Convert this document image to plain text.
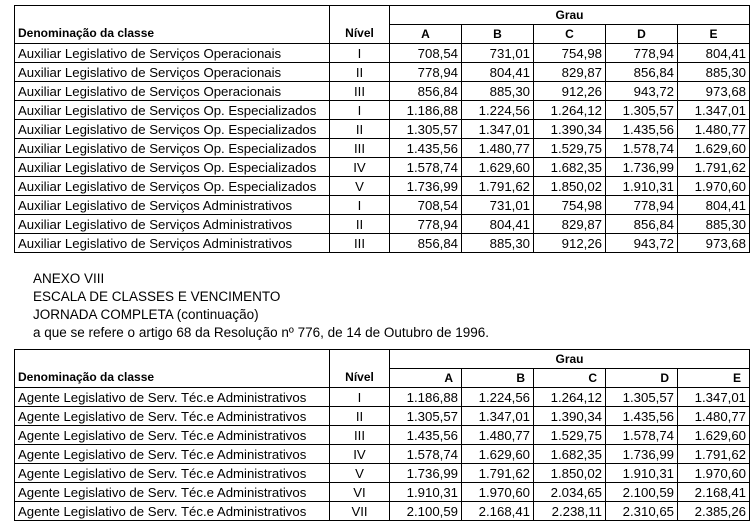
		Grau				
Denominação da classe	Nível	A	B	C	D	E
Auxiliar Legislativo de Serviços Operacionais	I	708,54	731,01	754,98	778,94	804,41
Auxiliar Legislativo de Serviços Operacionais	II	778,94	804,41	829,87	856,84	885,30
Auxiliar Legislativo de Serviços Operacionais	III	856,84	885,30	912,26	943,72	973,68
Auxiliar Legislativo de Serviços Op. Especializados	I	1.186,88	1.224,56	1.264,12	1.305,57	1.347,01
Auxiliar Legislativo de Serviços Op. Especializados	II	1.305,57	1.347,01	1.390,34	1.435,56	1.480,77
Auxiliar Legislativo de Serviços Op. Especializados	III	1.435,56	1.480,77	1.529,75	1.578,74	1.629,60
Auxiliar Legislativo de Serviços Op. Especializados	IV	1.578,74	1.629,60	1.682,35	1.736,99	1.791,62
Auxiliar Legislativo de Serviços Op. Especializados	V	1.736,99	1.791,62	1.850,02	1.910,31	1.970,60
Auxiliar Legislativo de Serviços Administrativos	I	708,54	731,01	754,98	778,94	804,41
Auxiliar Legislativo de Serviços Administrativos	II	778,94	804,41	829,87	856,84	885,30
Auxiliar Legislativo de Serviços Administrativos	III	856,84	885,30	912,26	943,72	973,68
ANEXO VIII
ESCALA DE CLASSES E VENCIMENTO
JORNADA COMPLETA (continuação)
a que se refere o artigo 68 da Resolução nº 776, de 14 de Outubro de 1996.
		Grau				
Denominação da classe	Nível	A	B	C	D	E
Agente Legislativo de Serv. Téc.e Administrativos	I	1.186,88	1.224,56	1.264,12	1.305,57	1.347,01
Agente Legislativo de Serv. Téc.e Administrativos	II	1.305,57	1.347,01	1.390,34	1.435,56	1.480,77
Agente Legislativo de Serv. Téc.e Administrativos	III	1.435,56	1.480,77	1.529,75	1.578,74	1.629,60
Agente Legislativo de Serv. Téc.e Administrativos	IV	1.578,74	1.629,60	1.682,35	1.736,99	1.791,62
Agente Legislativo de Serv. Téc.e Administrativos	V	1.736,99	1.791,62	1.850,02	1.910,31	1.970,60
Agente Legislativo de Serv. Téc.e Administrativos	VI	1.910,31	1.970,60	2.034,65	2.100,59	2.168,41
Agente Legislativo de Serv. Téc.e Administrativos	VII	2.100,59	2.168,41	2.238,11	2.310,65	2.385,26
